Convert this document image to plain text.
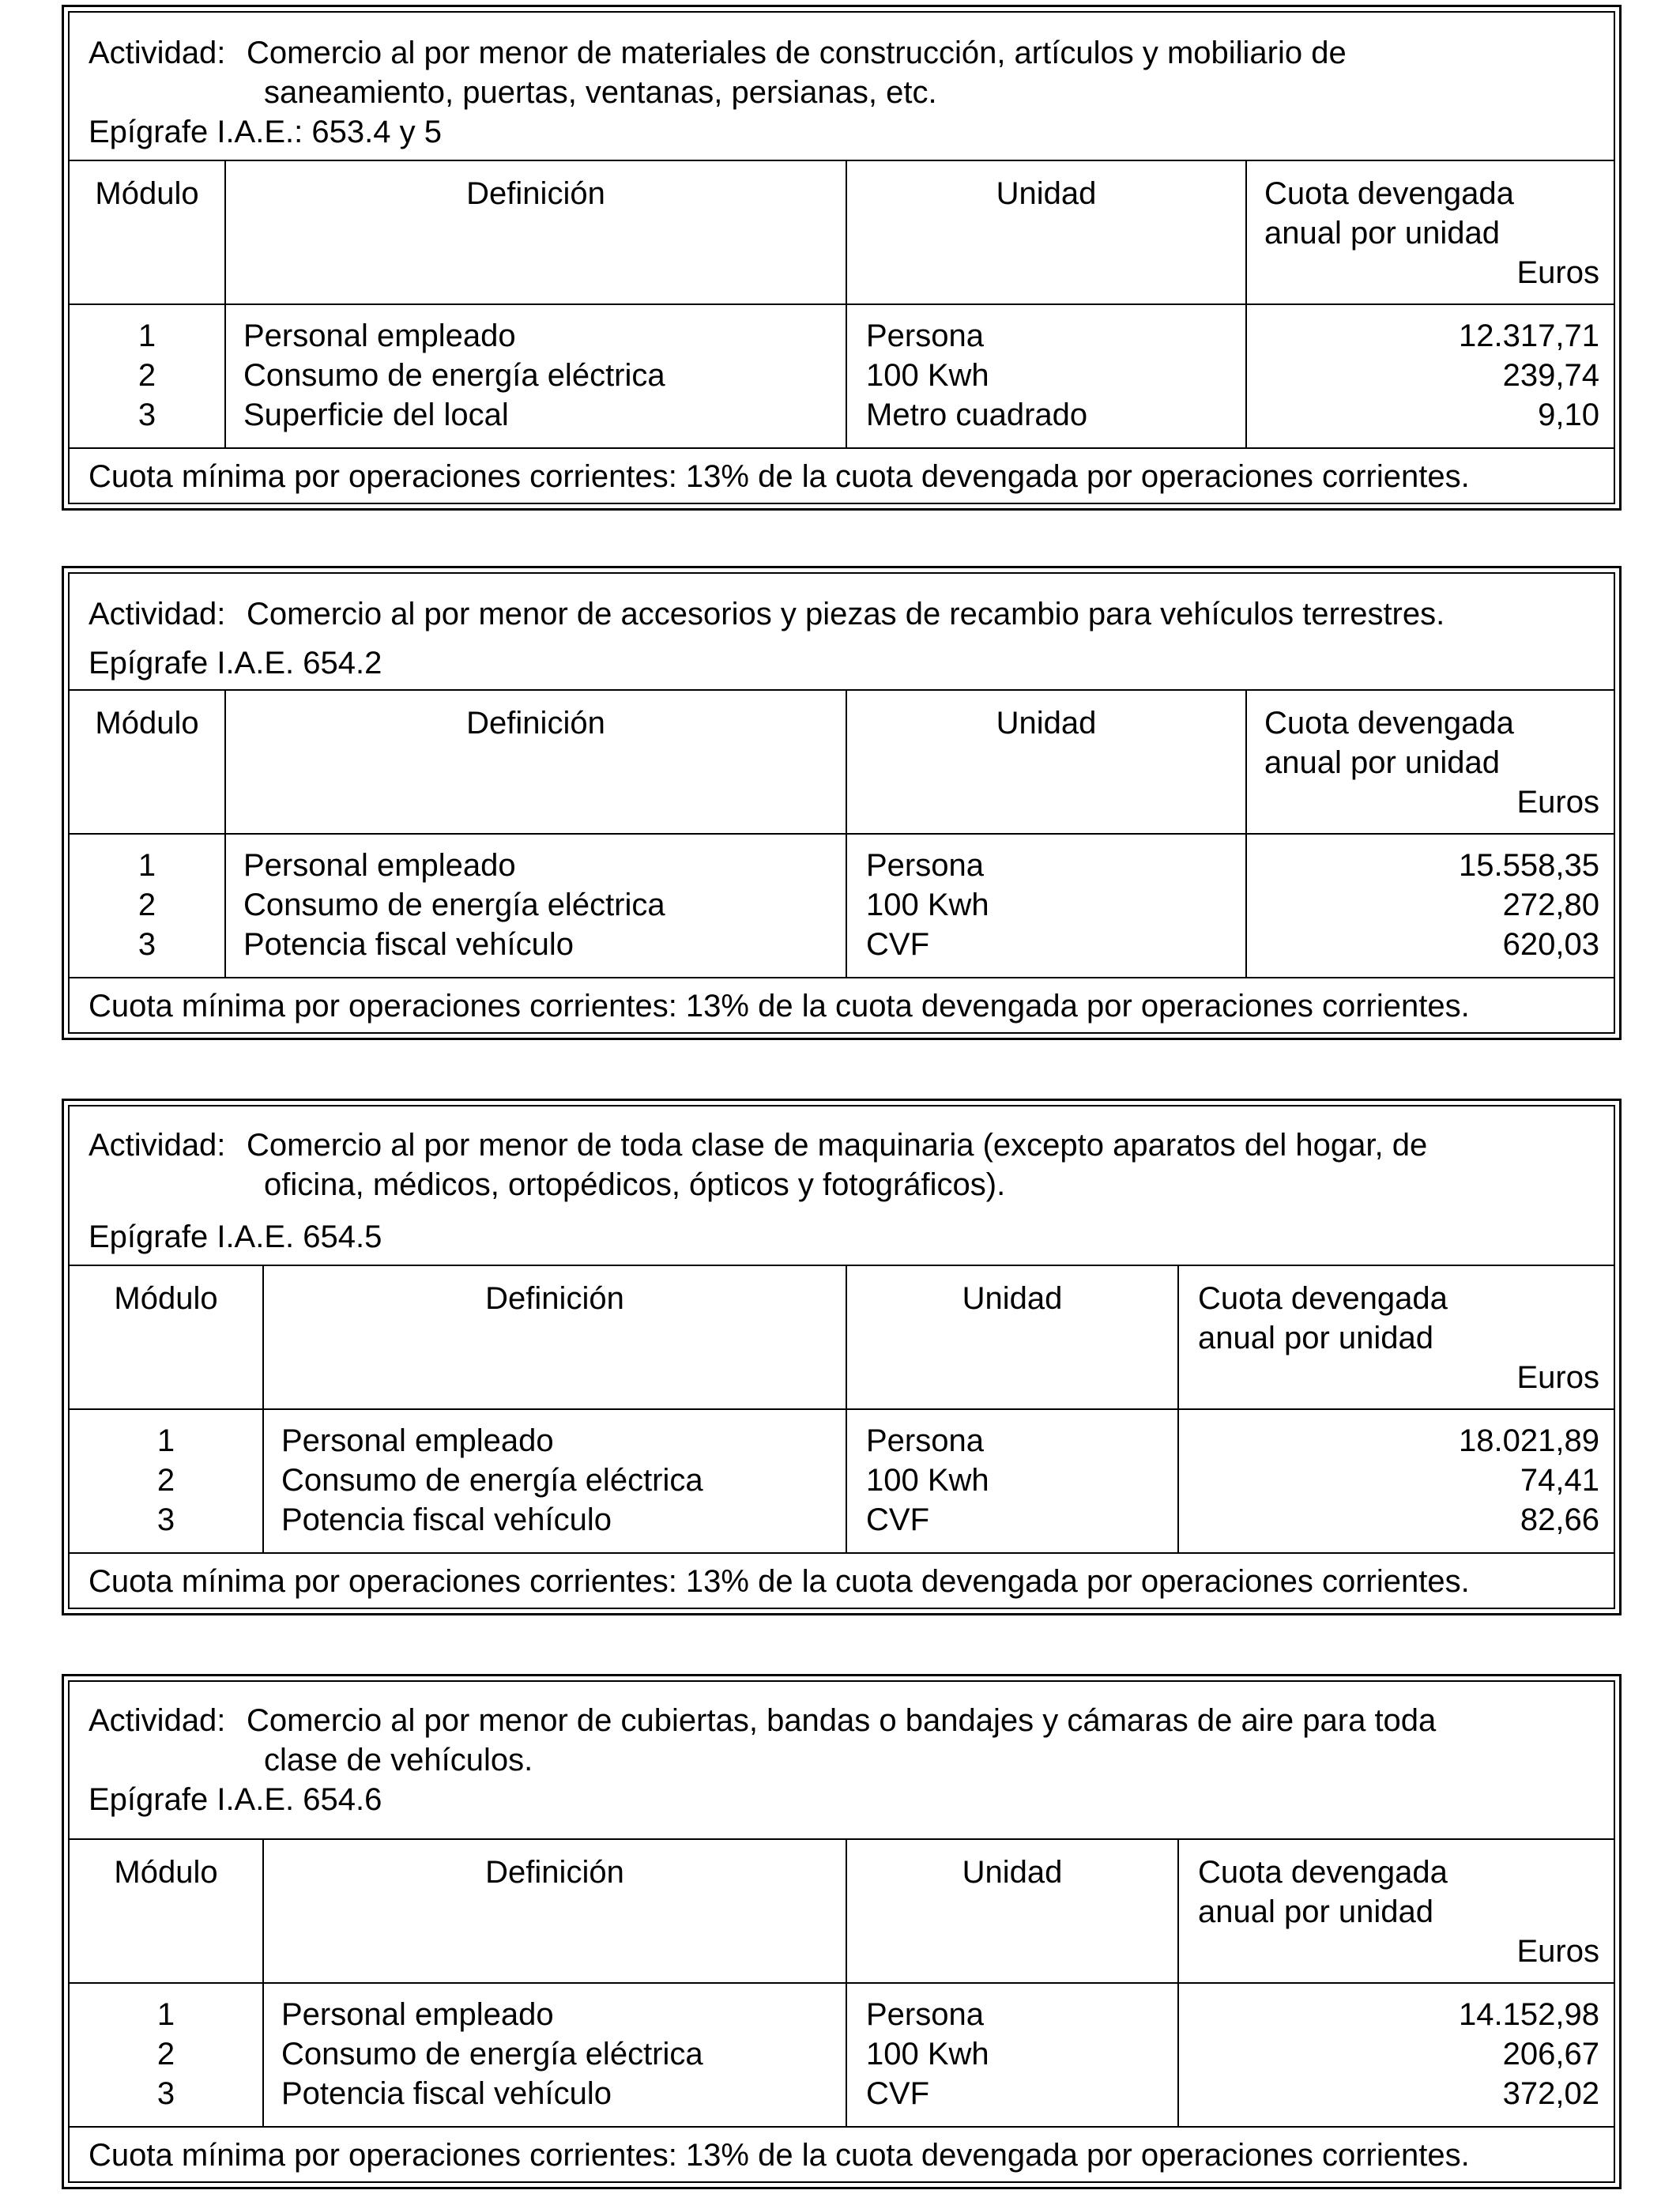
Actividad: Comercio al por menor de materiales de construcción, artículos y mobiliario de
saneamiento, puertas, ventanas, persianas, etc.
Epígrafe I.A.E.: 653.4 y 5
Módulo	Definición	Unidad	Cuota devengada
anual por unidad
Euros
1	Personal empleado	Persona	12.317,71
2	Consumo de energía eléctrica	100 Kwh	239,74
3	Superficie del local	Metro cuadrado	9,10
Cuota mínima por operaciones corrientes: 13% de la cuota devengada por operaciones corrientes.
Actividad: Comercio al por menor de accesorios y piezas de recambio para vehículos terrestres.
Epígrafe I.A.E. 654.2
Módulo	Definición	Unidad	Cuota devengada
anual por unidad
Euros
1	Personal empleado	Persona	15.558,35
2	Consumo de energía eléctrica	100 Kwh	272,80
3	Potencia fiscal vehículo	CVF	620,03
Cuota mínima por operaciones corrientes: 13% de la cuota devengada por operaciones corrientes.
Actividad: Comercio al por menor de toda clase de maquinaria (excepto aparatos del hogar, de
oficina, médicos, ortopédicos, ópticos y fotográficos).
Epígrafe I.A.E. 654.5
Módulo	Definición	Unidad	Cuota devengada
anual por unidad
Euros
1	Personal empleado	Persona	18.021,89
2	Consumo de energía eléctrica	100 Kwh	74,41
3	Potencia fiscal vehículo	CVF	82,66
Cuota mínima por operaciones corrientes: 13% de la cuota devengada por operaciones corrientes.
Actividad: Comercio al por menor de cubiertas, bandas o bandajes y cámaras de aire para toda
clase de vehículos.
Epígrafe I.A.E. 654.6
Módulo	Definición	Unidad	Cuota devengada
anual por unidad
Euros
1	Personal empleado	Persona	14.152,98
2	Consumo de energía eléctrica	100 Kwh	206,67
3	Potencia fiscal vehículo	CVF	372,02
Cuota mínima por operaciones corrientes: 13% de la cuota devengada por operaciones corrientes.
